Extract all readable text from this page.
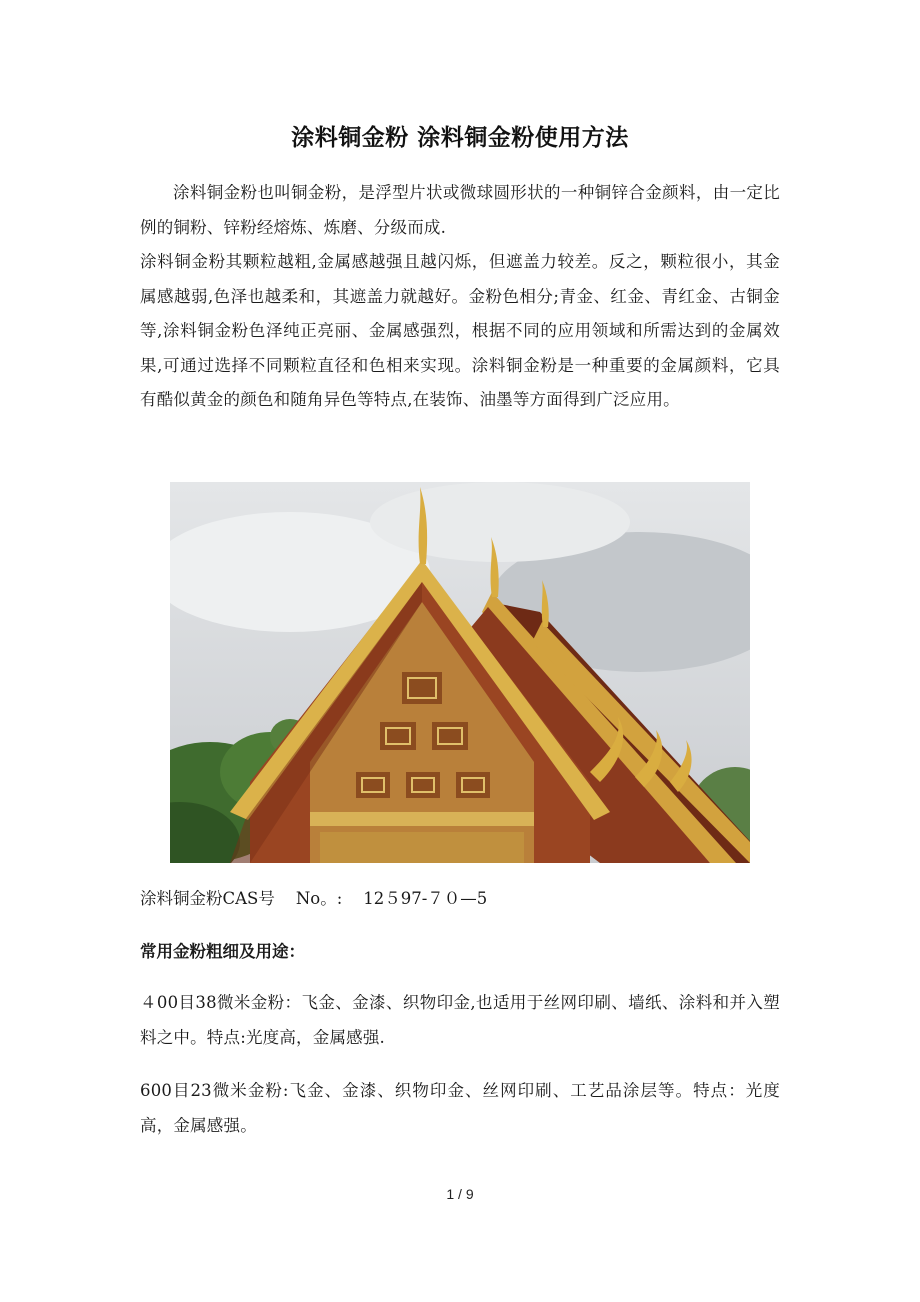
涂料铜金粉 涂料铜金粉使用方法
涂料铜金粉也叫铜金粉，是浮型片状或微球圆形状的一种铜锌合金颜料，由一定比例的铜粉、锌粉经熔炼、炼磨、分级而成.
涂料铜金粉其颗粒越粗,金属感越强且越闪烁，但遮盖力较差。反之，颗粒很小，其金属感越弱,色泽也越柔和，其遮盖力就越好。金粉色相分;青金、红金、青红金、古铜金等,涂料铜金粉色泽纯正亮丽、金属感强烈，根据不同的应用领域和所需达到的金属效果,可通过选择不同颗粒直径和色相来实现。涂料铜金粉是一种重要的金属颜料，它具有酷似黄金的颜色和随角异色等特点,在装饰、油墨等方面得到广泛应用。
涂料铜金粉CAS号    No。:    12５97-７０—5
常用金粉粗细及用途：
４00目38微米金粉：飞金、金漆、织物印金,也适用于丝网印刷、墙纸、涂料和并入塑料之中。特点:光度高，金属感强.
600目23微米金粉:飞金、金漆、织物印金、丝网印刷、工艺品涂层等。特点：光度高，金属感强。
1 / 9
